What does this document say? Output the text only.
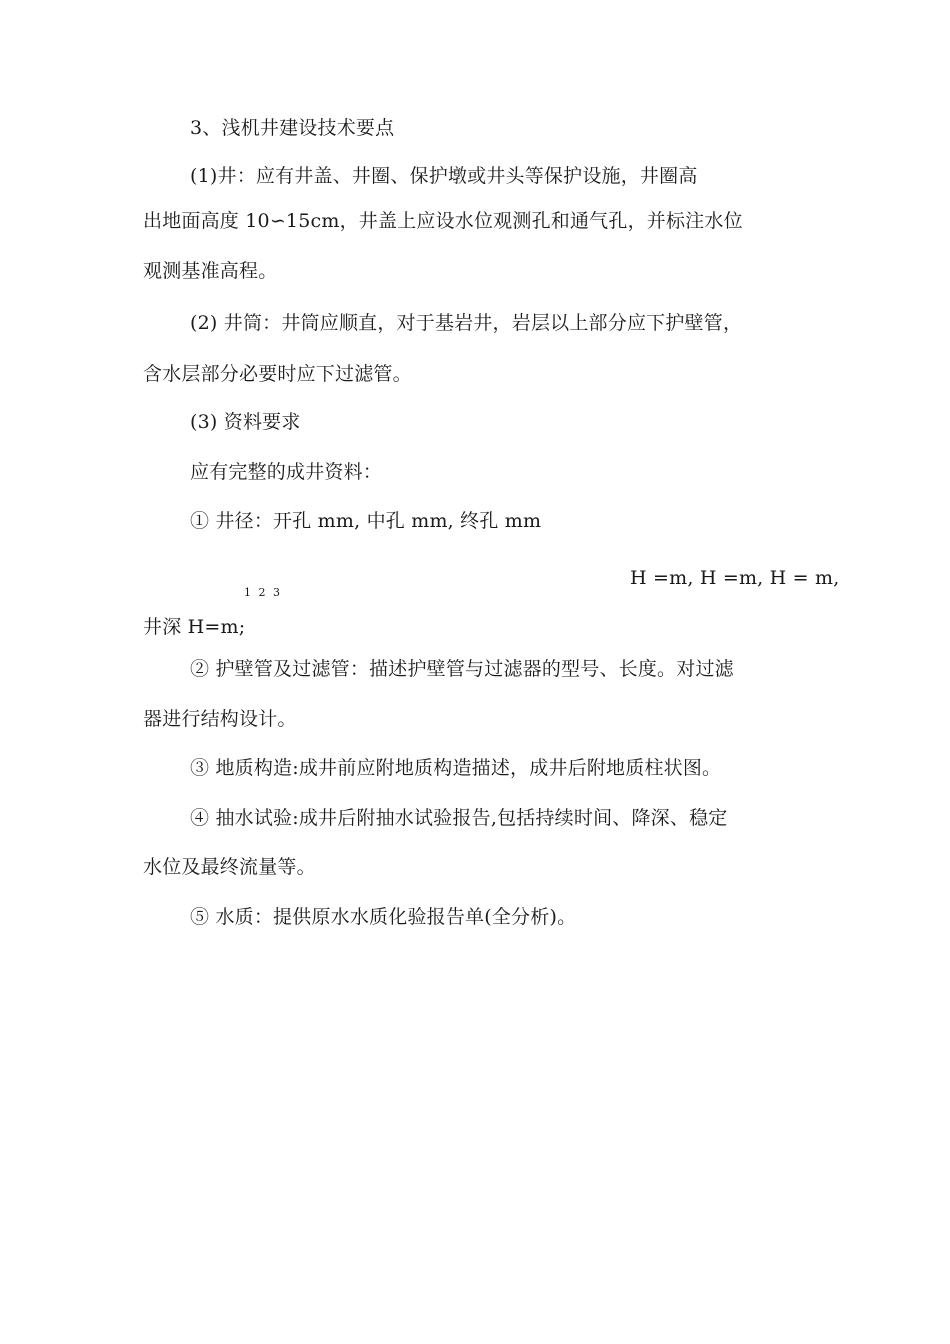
3、浅机井建设技术要点
(1)井：应有井盖、井圈、保护墩或井头等保护设施，井圈高
出地面高度 10∽15cm，井盖上应设水位观测孔和通气孔，并标注水位
观测基准高程。
(2) 井筒：井筒应顺直，对于基岩井，岩层以上部分应下护壁管，
含水层部分必要时应下过滤管。
(3) 资料要求
应有完整的成井资料：
① 井径：开孔 mm, 中孔 mm, 终孔 mm
H =m, H =m, H = m,
1 2 3
井深 H=m;
② 护壁管及过滤管：描述护壁管与过滤器的型号、长度。对过滤
器进行结构设计。
③ 地质构造:成井前应附地质构造描述，成井后附地质柱状图。
④ 抽水试验:成井后附抽水试验报告,包括持续时间、降深、稳定
水位及最终流量等。
⑤ 水质：提供原水水质化验报告单(全分析)。
